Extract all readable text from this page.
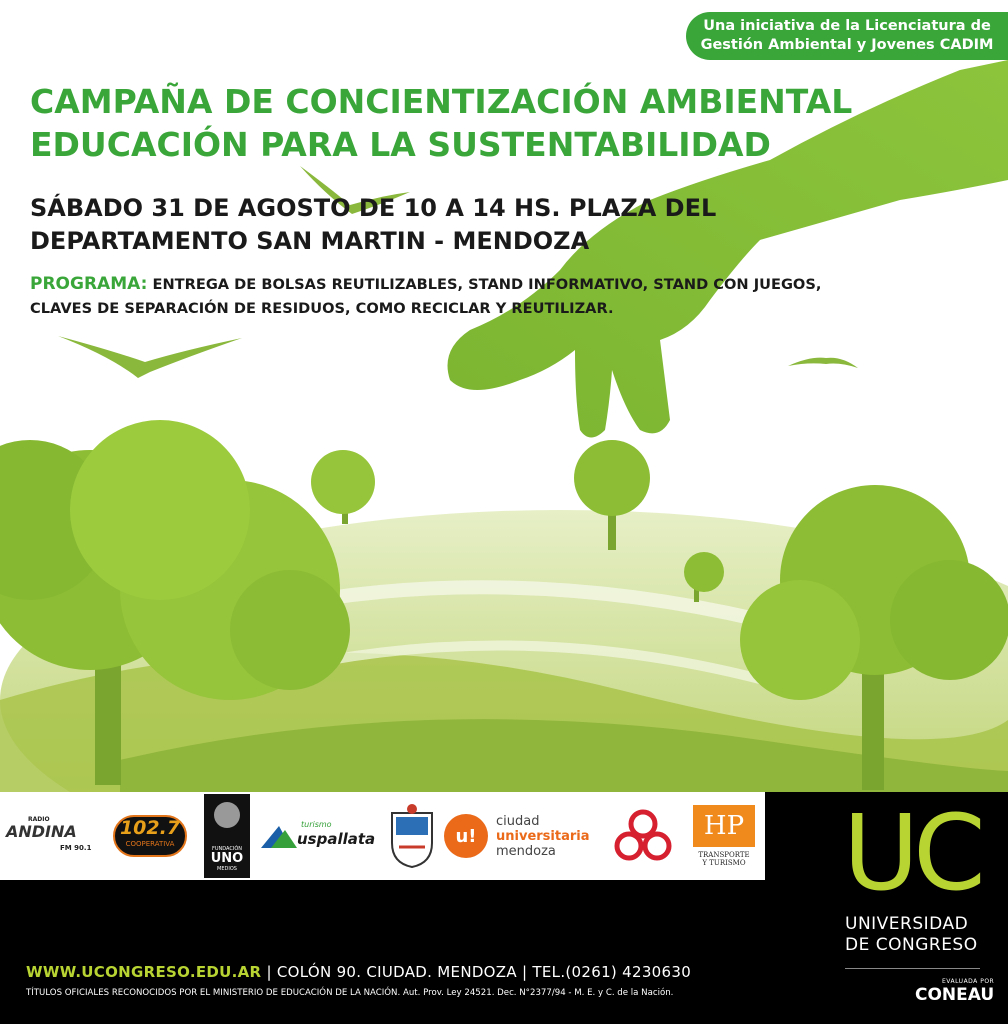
Una iniciativa de la Licenciatura de
Gestión Ambiental y Jovenes CADIM
CAMPAÑA DE CONCIENTIZACIÓN AMBIENTAL
EDUCACIÓN PARA LA SUSTENTABILIDAD
SÁBADO 31 DE AGOSTO DE 10 A 14 HS. PLAZA DEL
DEPARTAMENTO SAN MARTIN - MENDOZA
PROGRAMA: ENTREGA DE BOLSAS REUTILIZABLES, STAND INFORMATIVO, STAND CON JUEGOS,
CLAVES DE SEPARACIÓN DE RESIDUOS, COMO RECICLAR Y REUTILIZAR.
RADIO
ANDINA
FM 90.1
102.7
COOPERATIVA
FUNDACIÓN
UNO
MEDIOS
turismo
uspallata	u!
ciudad
universitaria
mendoza
HP
TRANSPORTE
Y TURISMO
WWW.UCONGRESO.EDU.AR | COLÓN 90. CIUDAD. MENDOZA | TEL.(0261) 4230630
TÍTULOS OFICIALES RECONOCIDOS POR EL MINISTERIO DE EDUCACIÓN DE LA NACIÓN. Aut. Prov. Ley 24521. Dec. N°2377/94 - M. E. y C. de la Nación.
UC
UNIVERSIDAD
DE CONGRESO
EVALUADA POR
CONEAU
